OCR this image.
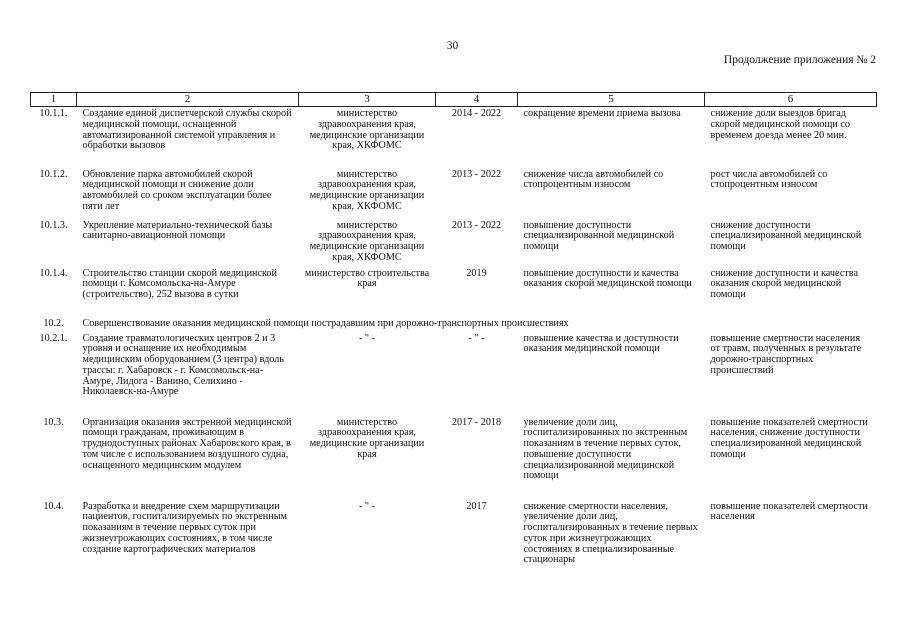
30
Продолжение приложения № 2
1	2	3	4	5	6
10.1.1.	Создание единой диспетчерской службы скорой медицинской помощи, оснащенной автоматизированной системой управления и обработки вызовов	министерство здравоохранения края, медицинские организации края, ХКФОМС	2014 - 2022	сокращение времени приема вызова	снижение доли выездов бригад скорой медицинской помощи со временем доезда менее 20 мин.
10.1.2.	Обновление парка автомобилей скорой медицинской помощи и снижение доли автомобилей со сроком эксплуатации более пяти лет	министерство здравоохранения края, медицинские организации края, ХКФОМС	2013 - 2022	снижение числа автомобилей со стопроцентным износом	рост числа автомобилей со стопроцентным износом
10.1.3.	Укрепление материально-технической базы санитарно-авиационной помощи	министерство здравоохранения края, медицинские организации края, ХКФОМС	2013 - 2022	повышение доступности специализированной медицинской помощи	снижение доступности специализированной медицинской помощи
10.1.4.	Строительство станции скорой медицинской помощи г. Комсомольска-на-Амуре (строительство), 252 вызова в сутки	министерство строительства края	2019	повышение доступности и качества оказания скорой медицинской помощи	снижение доступности и качества оказания скорой медицинской помощи
10.2.	Совершенствование оказания медицинской помощи пострадавшим при дорожно-транспортных происшествиях				
10.2.1.	Создание травматологических центров 2 и 3 уровня и оснащение их необходимым медицинским оборудованием (3 центра) вдоль трассы: г. Хабаровск - г. Комсомольск-на-Амуре, Лидога - Ванино, Селихино - Николаевск-на-Амуре	- " -	- " -	повышение качества и доступности оказания медицинской помощи	повышение смертности населения от травм, полученных в результате дорожно-транспортных происшествий
10.3.	Организация оказания экстренной медицинской помощи гражданам, проживающим в труднодоступных районах Хабаровского края, в том числе с использованием воздушного судна, оснащенного медицинским модулем	министерство здравоохранения края, медицинские организации края	2017 - 2018	увеличение доли лиц, госпитализированных по экстренным показаниям в течение первых суток, повышение доступности специализированной медицинской помощи	повышение показателей смертности населения, снижение доступности специализированной медицинской помощи
10.4.	Разработка и внедрение схем маршрутизации пациентов, госпитализируемых по экстренным показаниям в течение первых суток при жизнеугрожающих состояниях, в том числе создание картографических материалов	- " -	2017	снижение смертности населения, увеличение доли лиц, госпитализированных в течение первых суток при жизнеугрожающих состояниях в специализированные стационары	повышение показателей смертности населения
